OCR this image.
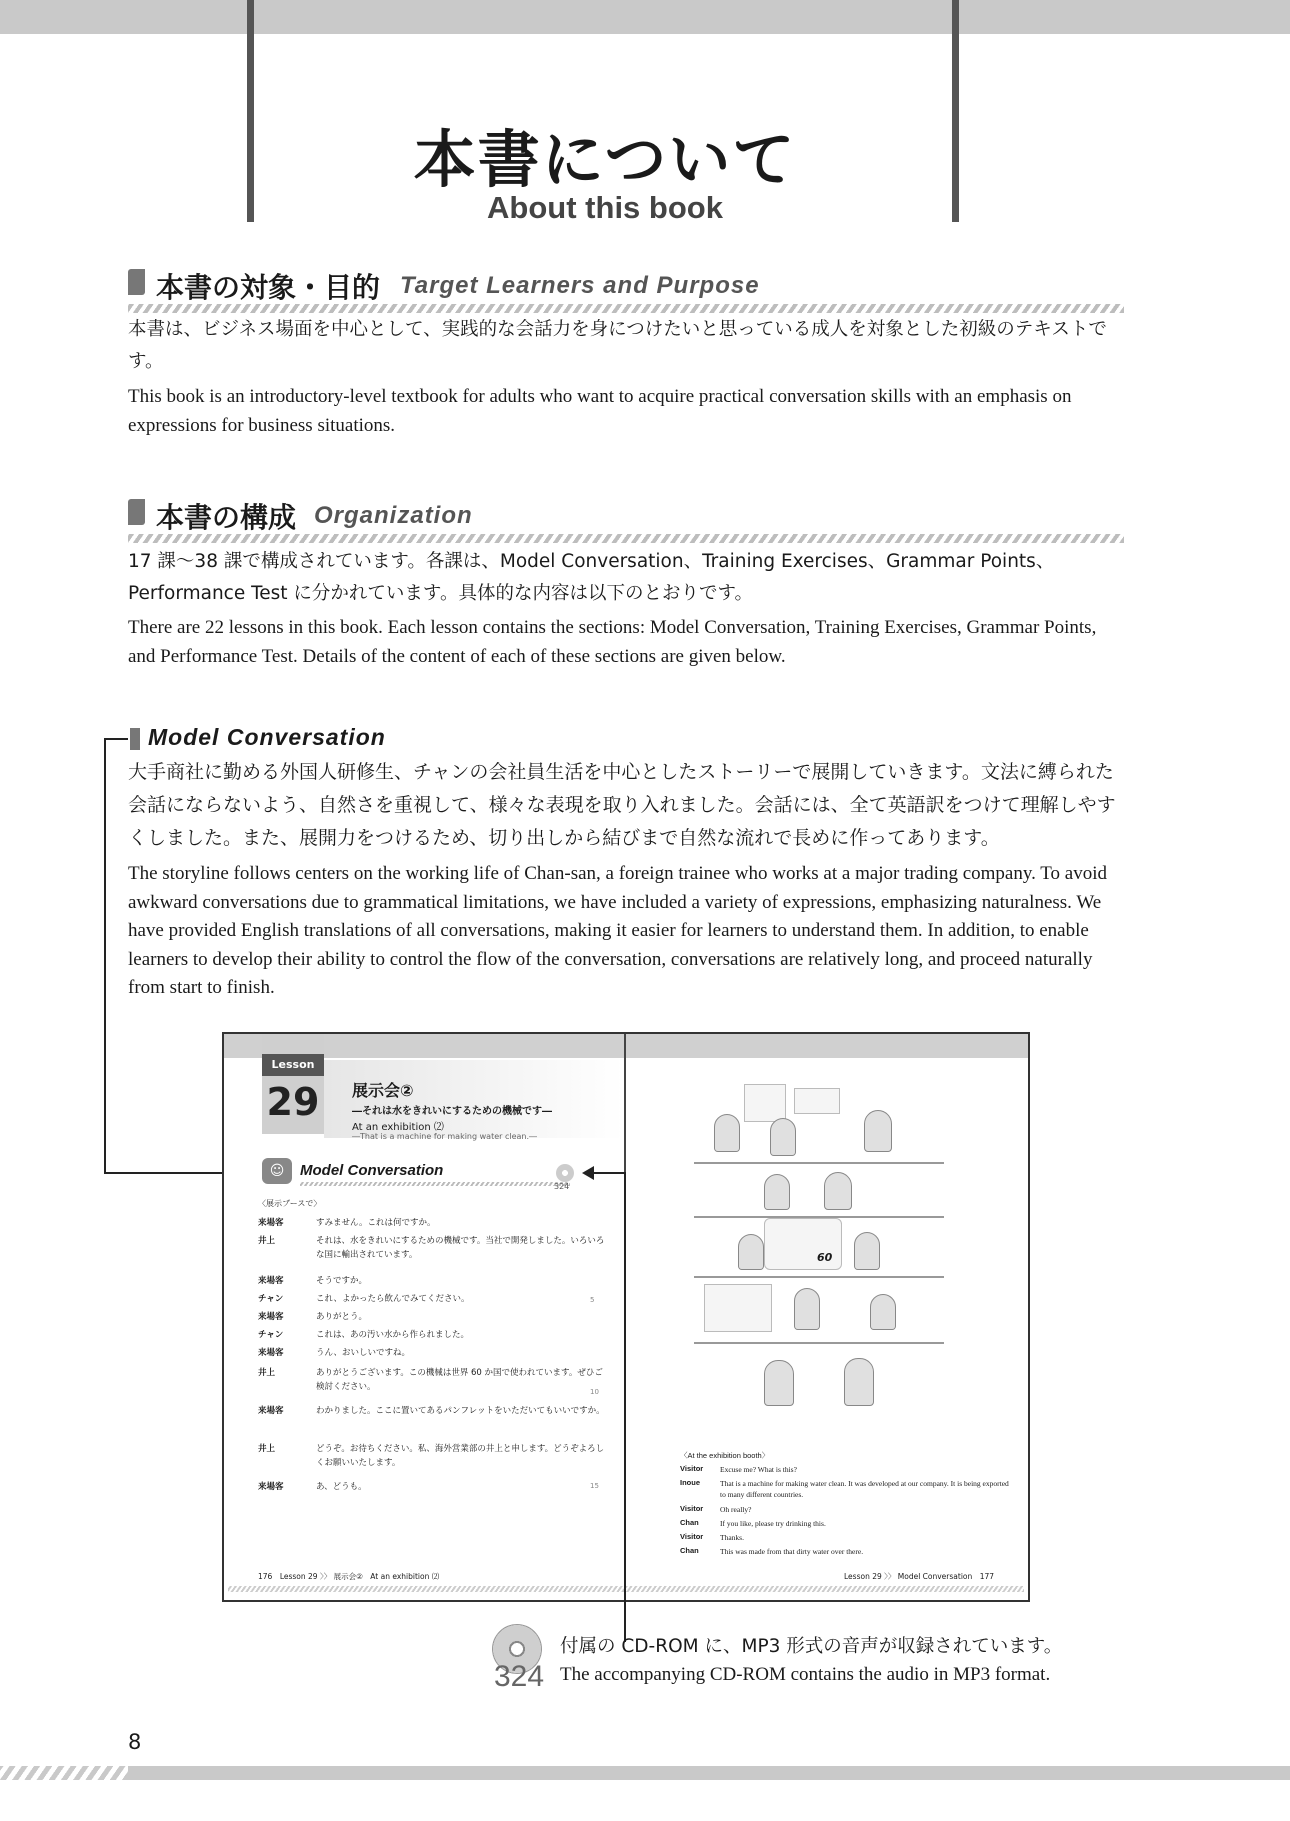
本書について
About this book
本書の対象・目的 Target Learners and Purpose
本書は、ビジネス場面を中心として、実践的な会話力を身につけたいと思っている成人を対象とした初級のテキストです。
This book is an introductory-level textbook for adults who want to acquire practical conversation skills with an emphasis on expressions for business situations.
本書の構成 Organization
17 課〜38 課で構成されています。各課は、Model Conversation、Training Exercises、Grammar Points、Performance Test に分かれています。具体的な内容は以下のとおりです。
There are 22 lessons in this book. Each lesson contains the sections: Model Conversation, Training Exercises, Grammar Points, and Performance Test. Details of the content of each of these sections are given below.
Model Conversation
大手商社に勤める外国人研修生、チャンの会社員生活を中心としたストーリーで展開していきます。文法に縛られた会話にならないよう、自然さを重視して、様々な表現を取り入れました。会話には、全て英語訳をつけて理解しやすくしました。また、展開力をつけるため、切り出しから結びまで自然な流れで長めに作ってあります。
The storyline follows centers on the working life of Chan-san, a foreign trainee who works at a major trading company. To avoid awkward conversations due to grammatical limitations, we have included a variety of expressions, emphasizing naturalness. We have provided English translations of all conversations, making it easier for learners to understand them. In addition, to enable learners to develop their ability to control the flow of the conversation, conversations are relatively long, and proceed naturally from start to finish.
Lesson
29 展示会②
―それは水をきれいにするための機械です―
At an exhibition ⑵
―That is a machine for making water clean.―
☺	Model Conversation
324
〈展示ブースで〉
来場客	すみません。これは何ですか。
井上	それは、水をきれいにするための機械です。当社で開発しました。いろいろな国に輸出されています。
来場客	そうですか。
チャン	これ、よかったら飲んでみてください。
来場客	ありがとう。
チャン	これは、あの汚い水から作られました。
来場客	うん、おいしいですね。
井上	ありがとうございます。この機械は世界 60 か国で使われています。ぜひご検討ください。
来場客	わかりました。ここに置いてあるパンフレットをいただいてもいいですか。
井上	どうぞ。お待ちください。私、海外営業部の井上と申します。どうぞよろしくお願いいたします。
来場客	あ、どうも。
5
10
15
60
〈At the exhibition booth〉
Visitor	Excuse me? What is this?
Inoue	That is a machine for making water clean. It was developed at our company. It is being exported to many different countries.
Visitor	Oh really?
Chan	If you like, please try drinking this.
Visitor	Thanks.
Chan	This was made from that dirty water over there.
176　Lesson 29 〉〉 展示会②　At an exhibition ⑵	Lesson 29 〉〉 Model Conversation　177
324
付属の CD-ROM に、MP3 形式の音声が収録されています。
The accompanying CD-ROM contains the audio in MP3 format.
8
